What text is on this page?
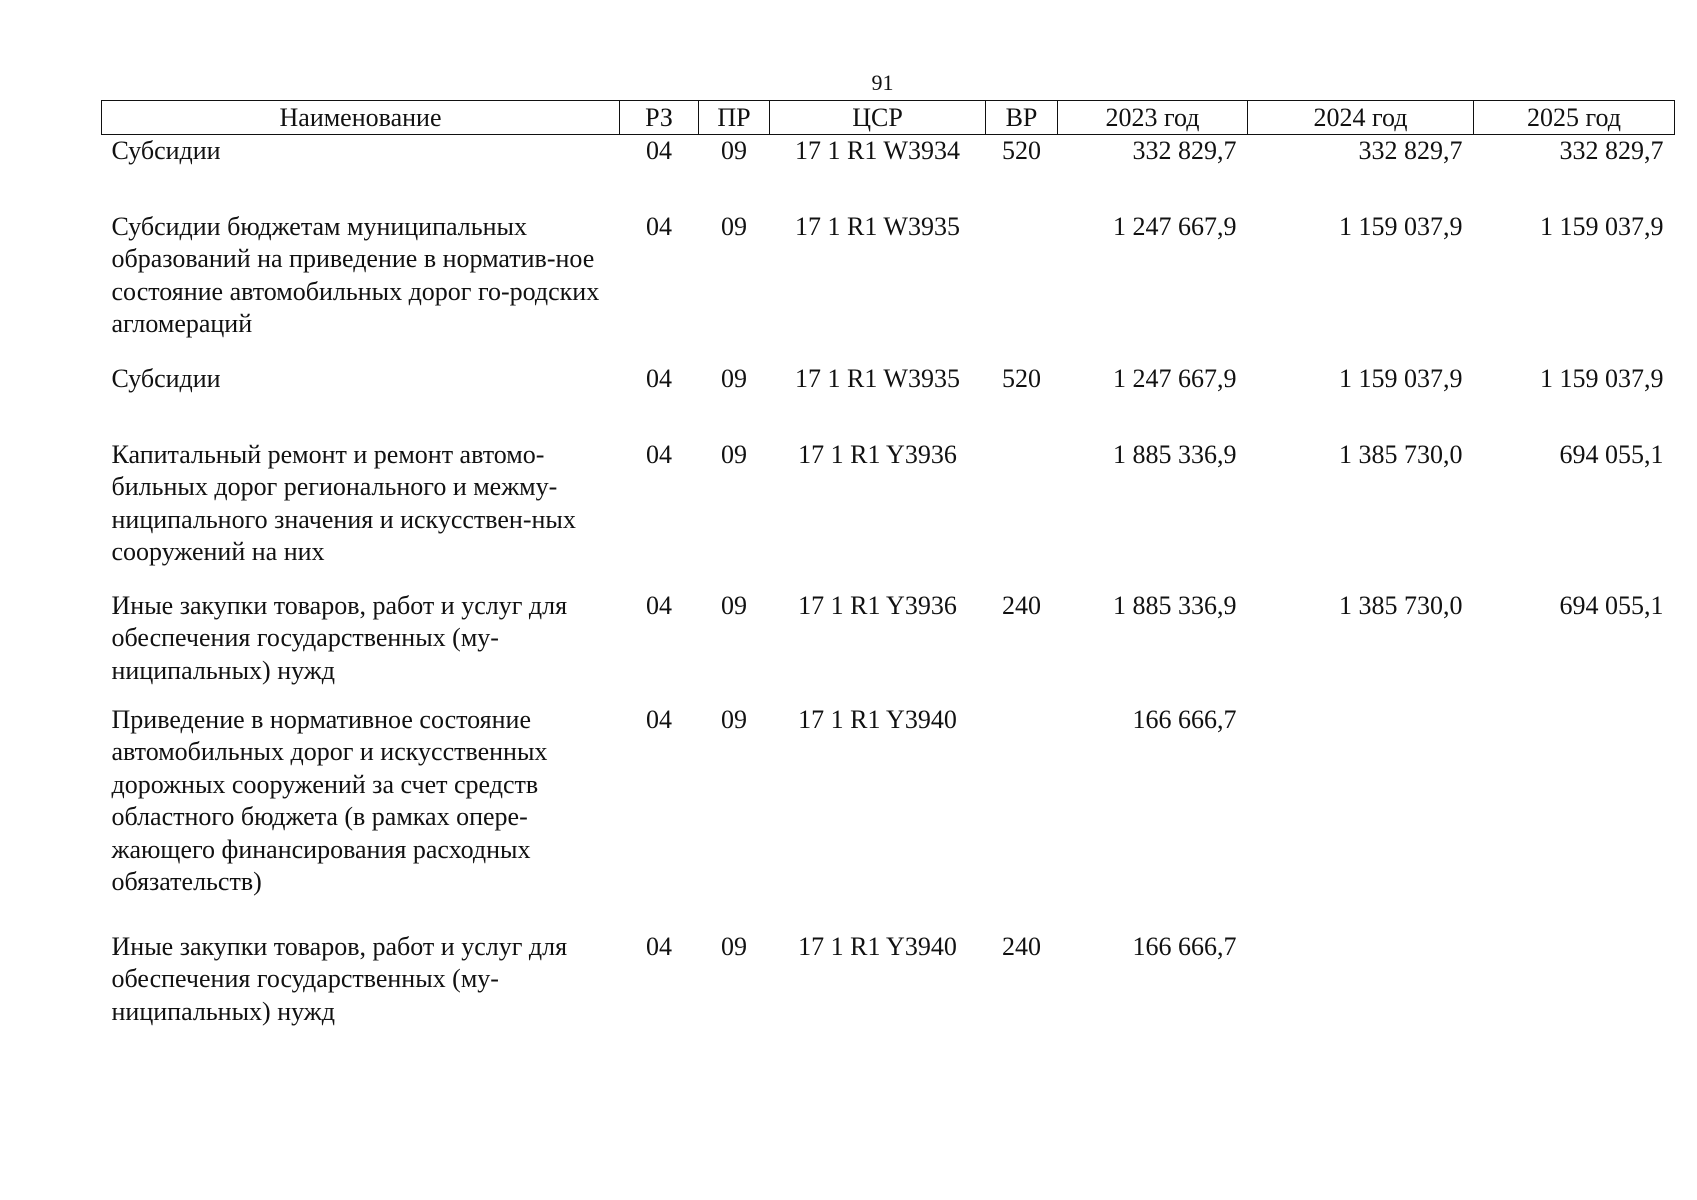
91
Наименование	РЗ	ПР	ЦСР	ВР	2023 год	2024 год	2025 год
Субсидии	04	09	17 1 R1 W3934	520	332 829,7	332 829,7	332 829,7
Субсидии бюджетам муниципальных образований на приведение в норматив-ное состояние автомобильных дорог го-родских агломераций	04	09	17 1 R1 W3935		1 247 667,9	1 159 037,9	1 159 037,9
Субсидии	04	09	17 1 R1 W3935	520	1 247 667,9	1 159 037,9	1 159 037,9
Капитальный ремонт и ремонт автомо-бильных дорог регионального и межму-ниципального значения и искусствен-ных сооружений на них	04	09	17 1 R1 Y3936		1 885 336,9	1 385 730,0	694 055,1
Иные закупки товаров, работ и услуг для обеспечения государственных (му-ниципальных) нужд	04	09	17 1 R1 Y3936	240	1 885 336,9	1 385 730,0	694 055,1
Приведение в нормативное состояние автомобильных дорог и искусственных дорожных сооружений за счет средств областного бюджета (в рамках опере-жающего финансирования расходных обязательств)	04	09	17 1 R1 Y3940		166 666,7		
Иные закупки товаров, работ и услуг для обеспечения государственных (му-ниципальных) нужд	04	09	17 1 R1 Y3940	240	166 666,7		
